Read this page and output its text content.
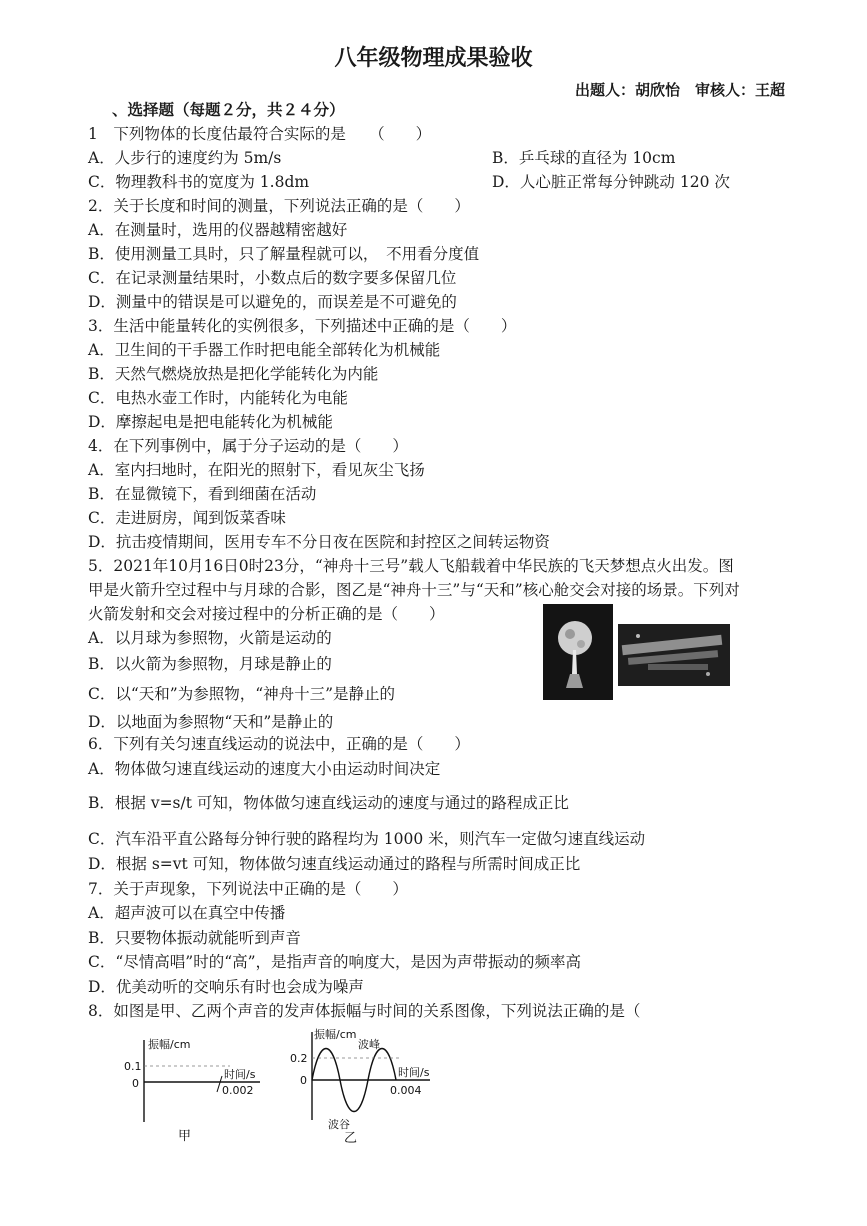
八年级物理成果验收
出题人：胡欣怡　审核人：王超
、选择题（每题２分，共２４分）
1　下列物体的长度估最符合实际的是　　（　　）
A．人步行的速度约为 5m/s	B．乒乓球的直径为 10cm
C．物理教科书的宽度为 1.8dm	D．人心脏正常每分钟跳动 120 次
2．关于长度和时间的测量，下列说法正确的是（　　）
A．在测量时，选用的仪器越精密越好
B．使用测量工具时，只了解量程就可以，　不用看分度值
C．在记录测量结果时，小数点后的数字要多保留几位
D．测量中的错误是可以避免的，而误差是不可避免的
3．生活中能量转化的实例很多，下列描述中正确的是（　　）
A．卫生间的干手器工作时把电能全部转化为机械能
B．天然气燃烧放热是把化学能转化为内能
C．电热水壶工作时，内能转化为电能
D．摩擦起电是把电能转化为机械能
4．在下列事例中，属于分子运动的是（　　）
A．室内扫地时，在阳光的照射下，看见灰尘飞扬
B．在显微镜下，看到细菌在活动
C．走进厨房，闻到饭菜香味
D．抗击疫情期间，医用专车不分日夜在医院和封控区之间转运物资
5．2021年10月16日0时23分，“神舟十三号”载人飞船载着中华民族的飞天梦想点火出发。图
甲是火箭升空过程中与月球的合影，图乙是“神舟十三”与“天和”核心舱交会对接的场景。下列对
火箭发射和交会对接过程中的分析正确的是（　　）
A．以月球为参照物，火箭是运动的
B．以火箭为参照物，月球是静止的
C．以“天和”为参照物，“神舟十三”是静止的
D．以地面为参照物“天和”是静止的
6．下列有关匀速直线运动的说法中，正确的是（　　）
A．物体做匀速直线运动的速度大小由运动时间决定
B．根据 v=s/t 可知，物体做匀速直线运动的速度与通过的路程成正比
C．汽车沿平直公路每分钟行驶的路程均为 1000 米，则汽车一定做匀速直线运动
D．根据 s=vt 可知，物体做匀速直线运动通过的路程与所需时间成正比
7．关于声现象，下列说法中正确的是（　　）
A．超声波可以在真空中传播
B．只要物体振动就能听到声音
C．“尽情高唱”时的“高”，是指声音的响度大，是因为声带振动的频率高
D．优美动听的交响乐有时也会成为噪声
8．如图是甲、乙两个声音的发声体振幅与时间的关系图像，下列说法正确的是（
振幅/cm
0.1
0
时间/s
0.002
甲
振幅/cm
0.2
0
波峰
时间/s
0.004
波谷
乙
